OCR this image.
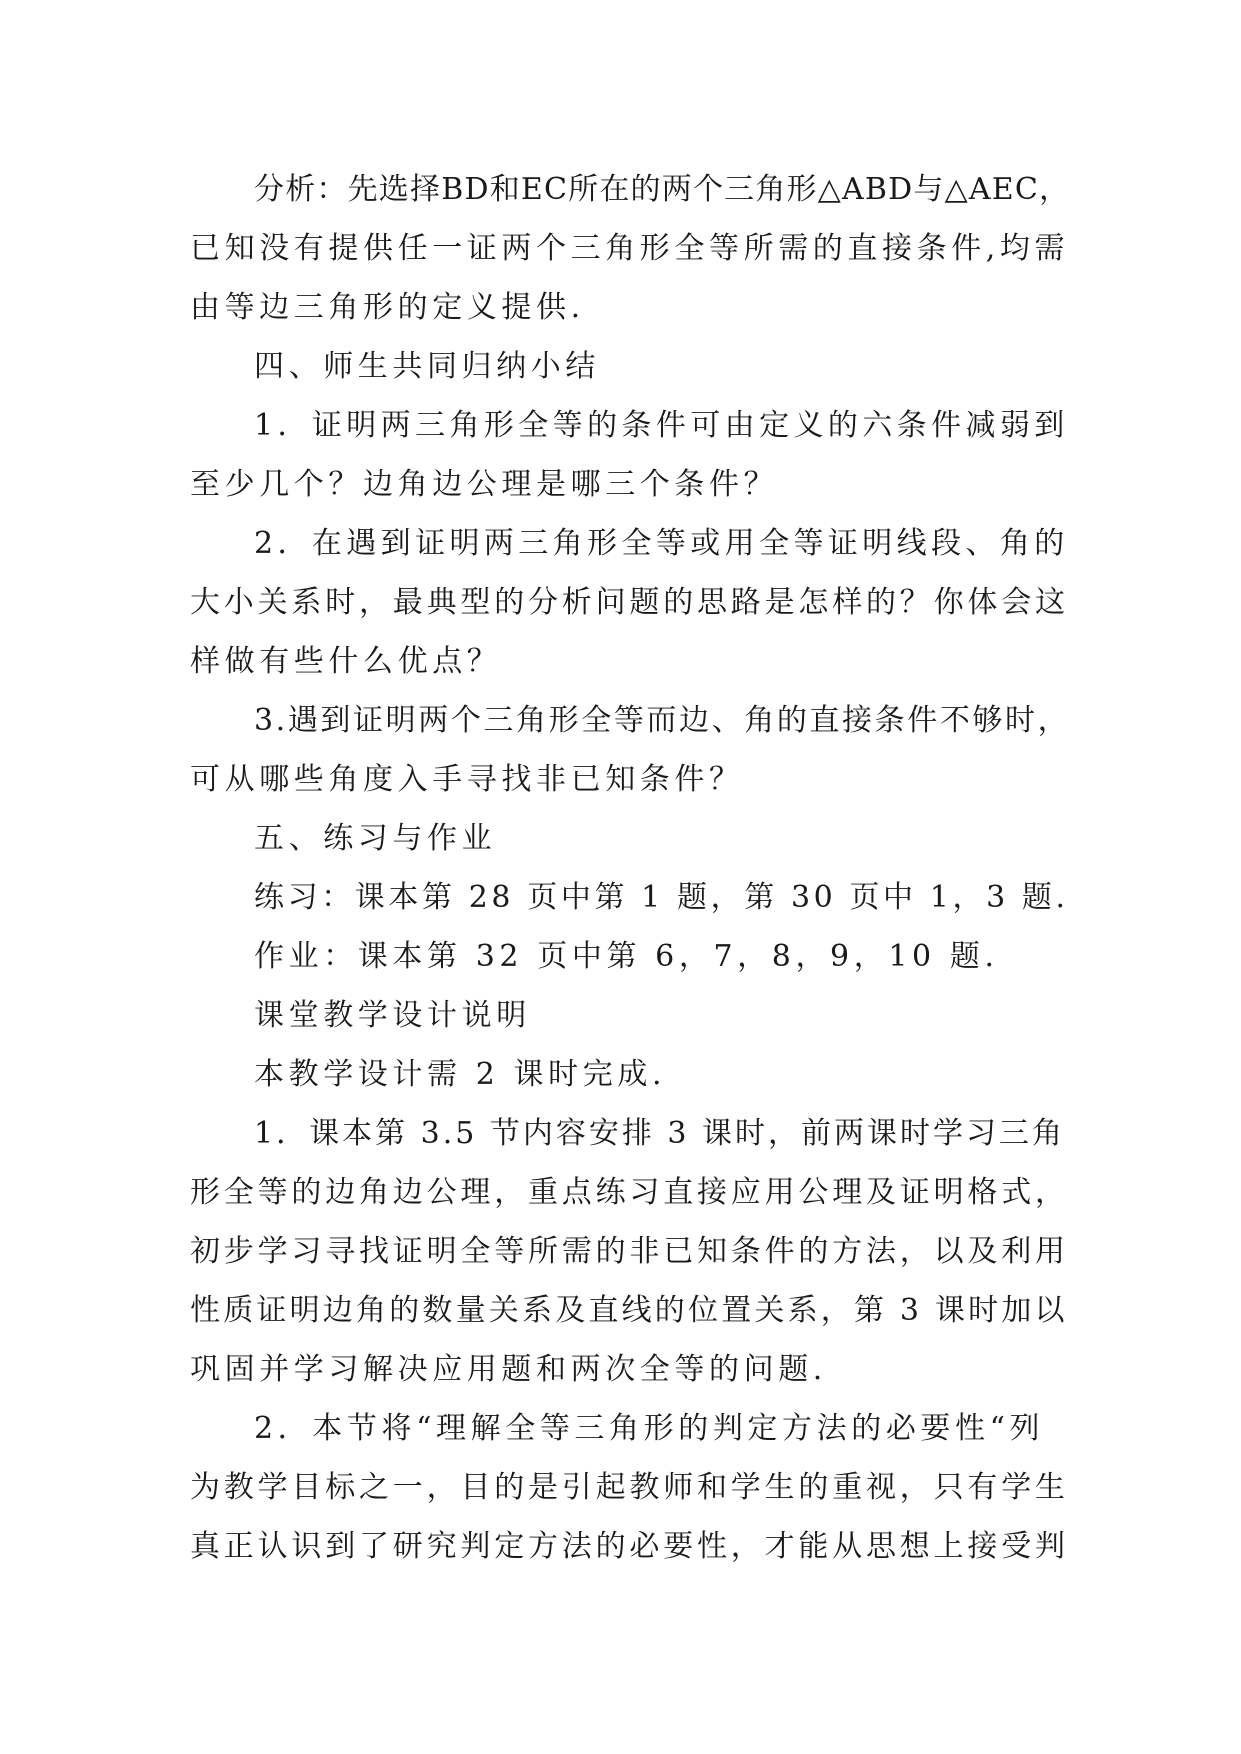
分析：先选择BD和EC所在的两个三角形△ABD与△AEC，
已知没有提供任一证两个三角形全等所需的直接条件,均需
由等边三角形的定义提供.
四、师生共同归纳小结
1．证明两三角形全等的条件可由定义的六条件减弱到
至少几个？边角边公理是哪三个条件？
2．在遇到证明两三角形全等或用全等证明线段、角的
大小关系时，最典型的分析问题的思路是怎样的？你体会这
样做有些什么优点？
3.遇到证明两个三角形全等而边、角的直接条件不够时，
可从哪些角度入手寻找非已知条件？
五、练习与作业
练习：课本第 28 页中第 1 题，第 30 页中 1，3 题.
作业：课本第 32 页中第 6，7，8，9，10 题.
课堂教学设计说明
本教学设计需 2 课时完成.
1．课本第 3.5 节内容安排 3 课时，前两课时学习三角
形全等的边角边公理，重点练习直接应用公理及证明格式，
初步学习寻找证明全等所需的非已知条件的方法，以及利用
性质证明边角的数量关系及直线的位置关系，第 3 课时加以
巩固并学习解决应用题和两次全等的问题.
2．本节将“理解全等三角形的判定方法的必要性“列
为教学目标之一，目的是引起教师和学生的重视，只有学生
真正认识到了研究判定方法的必要性，才能从思想上接受判
